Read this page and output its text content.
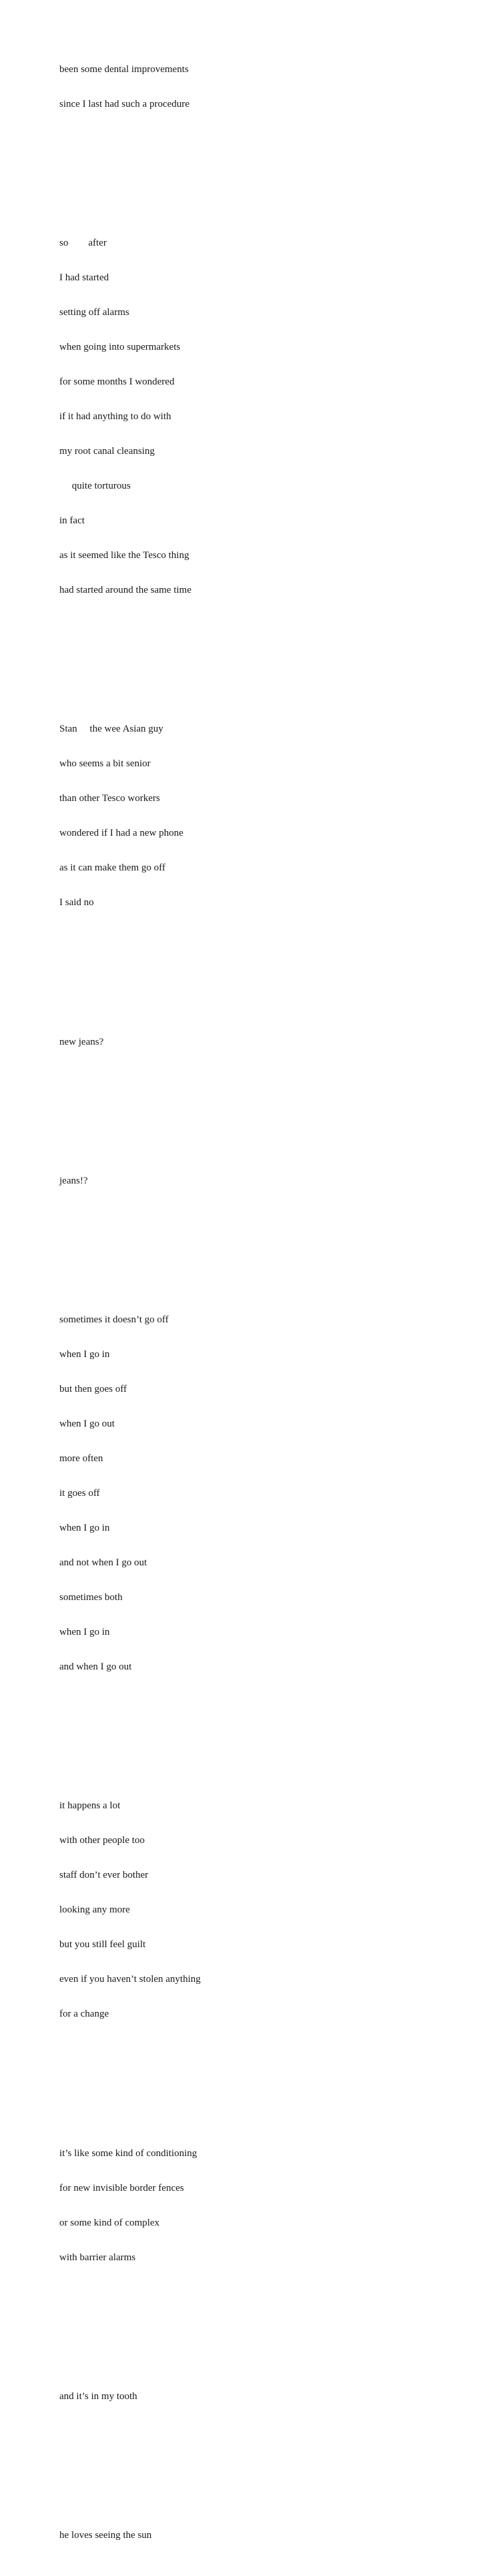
been some dental improvements

since I last had such a procedure

so        after

I had started

setting off alarms

when going into supermarkets

for some months I wondered

if it had anything to do with

my root canal cleansing

quite torturous

in fact

as it seemed like the Tesco thing

had started around the same time

Stan     the wee Asian guy

who seems a bit senior

than other Tesco workers

wondered if I had a new phone

as it can make them go off

I said no

new jeans?

jeans!?

sometimes it doesn’t go off

when I go in

but then goes off

when I go out

more often

it goes off

when I go in

and not when I go out

sometimes both

when I go in

and when I go out

it happens a lot

with other people too

staff don’t ever bother

looking any more

but you still feel guilt

even if you haven’t stolen anything

for a change

it’s like some kind of conditioning

for new invisible border fences

or some kind of complex

with barrier alarms

and it’s in my tooth

he loves seeing the sun
